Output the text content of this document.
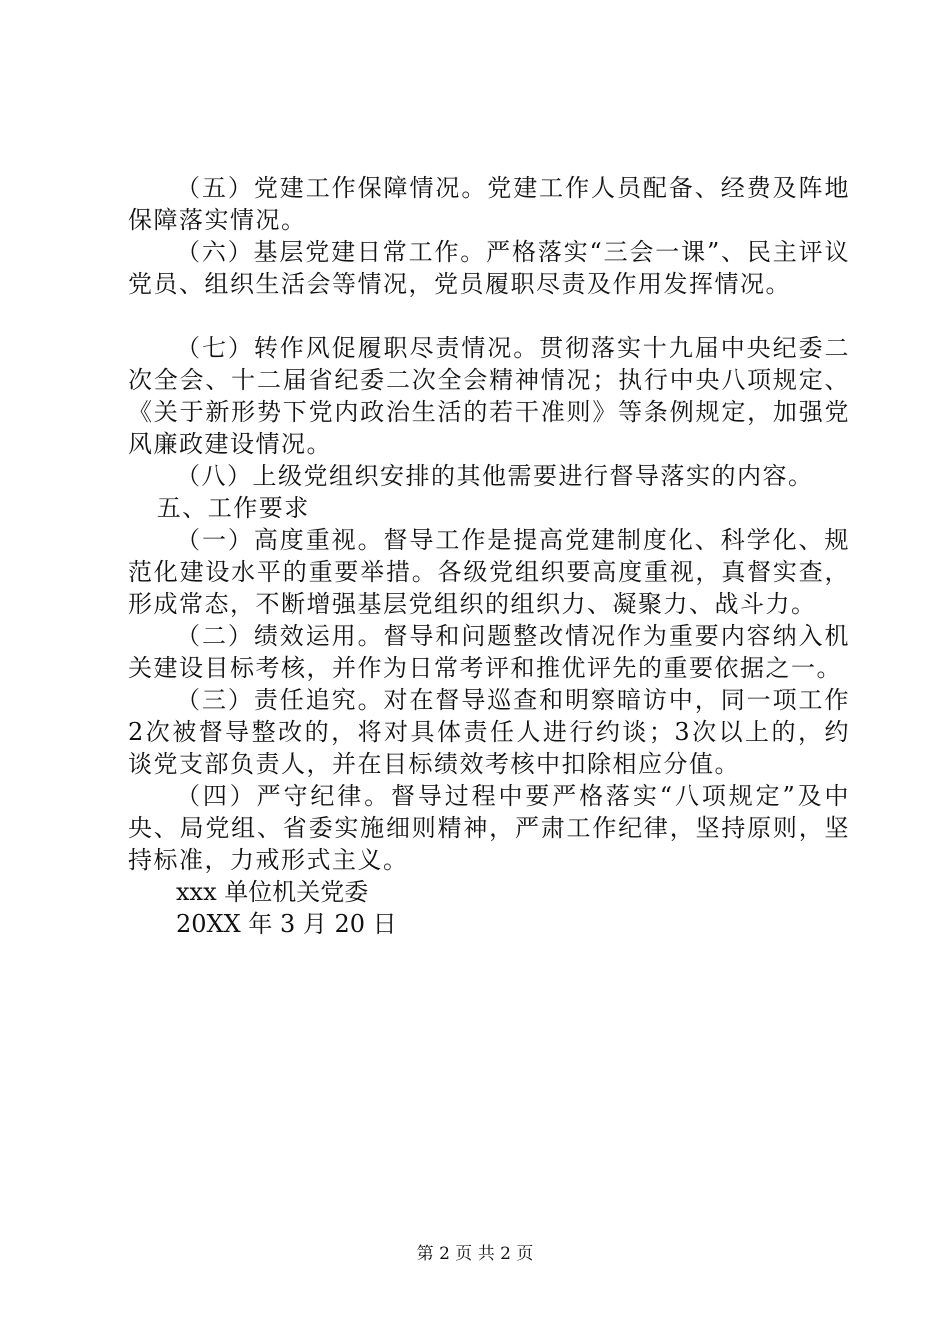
（五）党建工作保障情况。党建工作人员配备、经费及阵地保障落实情况。

（六）基层党建日常工作。严格落实“三会一课”、民主评议党员、组织生活会等情况，党员履职尽责及作用发挥情况。

（七）转作风促履职尽责情况。贯彻落实十九届中央纪委二次全会、十二届省纪委二次全会精神情况；执行中央八项规定、《关于新形势下党内政治生活的若干准则》等条例规定，加强党风廉政建设情况。

（八）上级党组织安排的其他需要进行督导落实的内容。

五、工作要求

（一）高度重视。督导工作是提高党建制度化、科学化、规范化建设水平的重要举措。各级党组织要高度重视，真督实查，形成常态，不断增强基层党组织的组织力、凝聚力、战斗力。

（二）绩效运用。督导和问题整改情况作为重要内容纳入机关建设目标考核，并作为日常考评和推优评先的重要依据之一。

（三）责任追究。对在督导巡查和明察暗访中，同一项工作2次被督导整改的，将对具体责任人进行约谈；3次以上的，约谈党支部负责人，并在目标绩效考核中扣除相应分值。

（四）严守纪律。督导过程中要严格落实“八项规定”及中央、局党组、省委实施细则精神，严肃工作纪律，坚持原则，坚持标准，力戒形式主义。

xxx 单位机关党委

20XX 年 3 月 20 日

第 2 页 共 2 页
